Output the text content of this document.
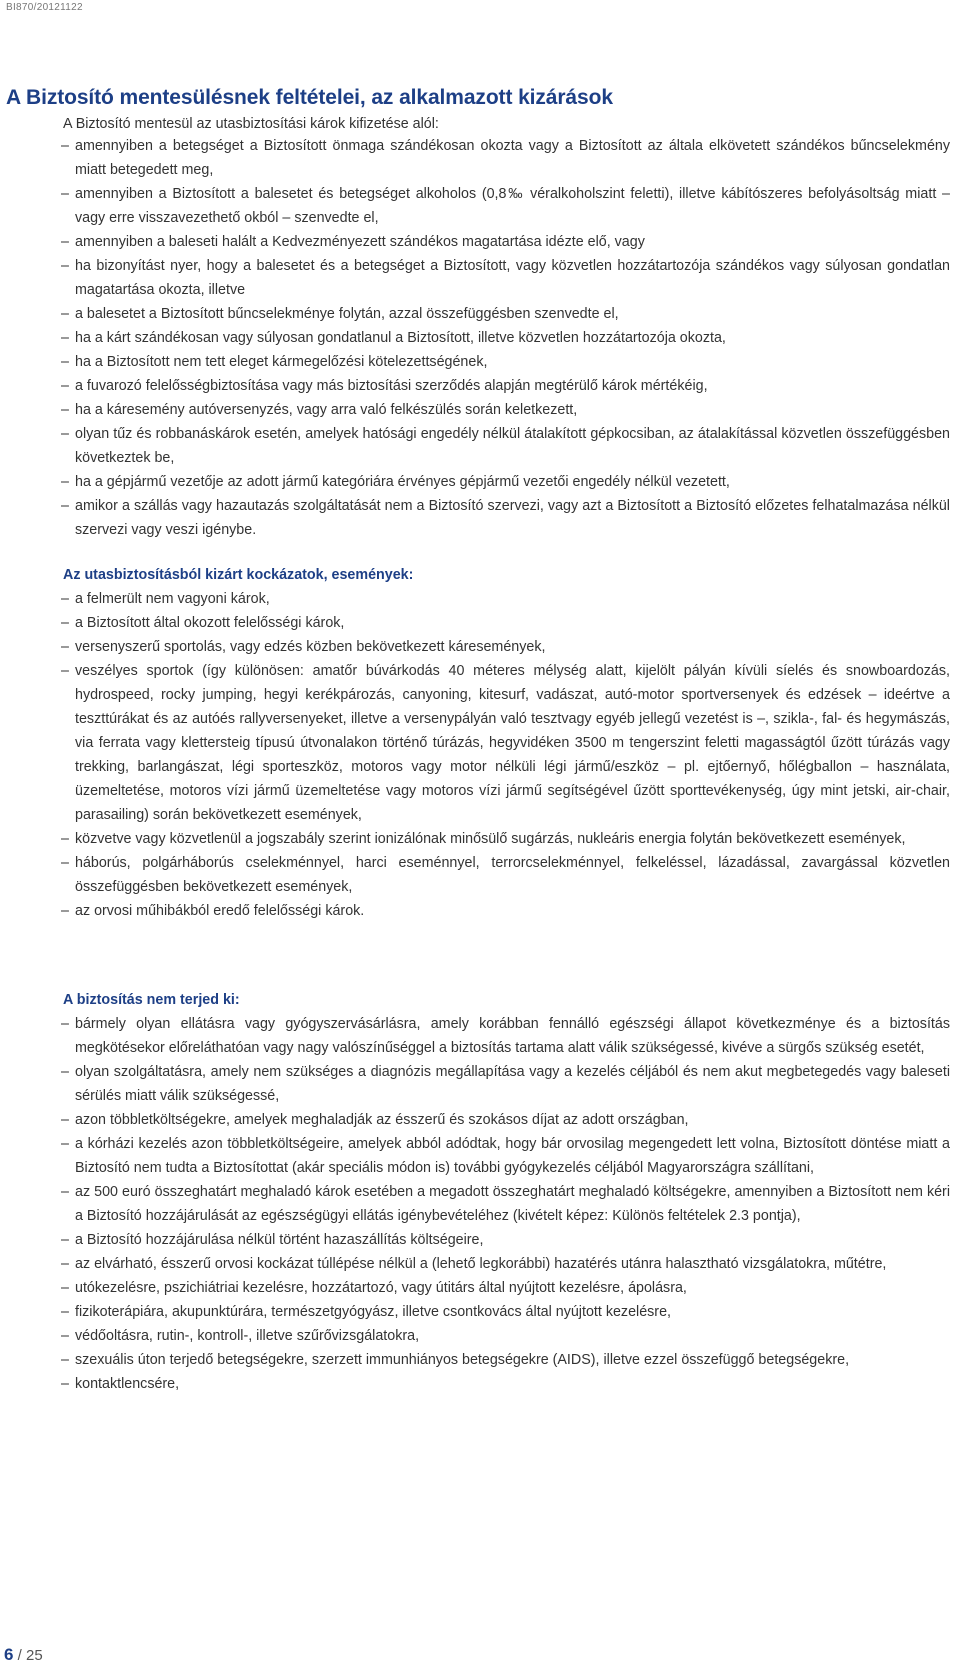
BI870/20121122
A Biztosító mentesülésnek feltételei, az alkalmazott kizárások
A Biztosító mentesül az utasbiztosítási károk kifizetése alól:
– amennyiben a betegséget a Biztosított önmaga szándékosan okozta vagy a Biztosított az általa elkövetett szándékos bűncselekmény miatt betegedett meg,
– amennyiben a Biztosított a balesetet és betegséget alkoholos (0,8‰ véralkoholszint feletti), illetve kábítószeres befolyásoltság miatt – vagy erre visszavezethető okból – szenvedte el,
– amennyiben a baleseti halált a Kedvezményezett szándékos magatartása idézte elő, vagy
– ha bizonyítást nyer, hogy a balesetet és a betegséget a Biztosított, vagy közvetlen hozzátartozója szándékos vagy súlyosan gondatlan magatartása okozta, illetve
– a balesetet a Biztosított bűncselekménye folytán, azzal összefüggésben szenvedte el,
– ha a kárt szándékosan vagy súlyosan gondatlanul a Biztosított, illetve közvetlen hozzátartozója okozta,
– ha a Biztosított nem tett eleget kármegelőzési kötelezettségének,
– a fuvarozó felelősségbiztosítása vagy más biztosítási szerződés alapján megtérülő károk mértékéig,
– ha a káresemény autóversenyzés, vagy arra való felkészülés során keletkezett,
– olyan tűz és robbanáskárok esetén, amelyek hatósági engedély nélkül átalakított gépkocsiban, az átalakítással közvetlen összefüggésben következtek be,
– ha a gépjármű vezetője az adott jármű kategóriára érvényes gépjármű vezetői engedély nélkül vezetett,
– amikor a szállás vagy hazautazás szolgáltatását nem a Biztosító szervezi, vagy azt a Biztosított a Biztosító előzetes felhatalmazása nélkül szervezi vagy veszi igénybe.
Az utasbiztosításból kizárt kockázatok, események:
– a felmerült nem vagyoni károk,
– a Biztosított által okozott felelősségi károk,
– versenyszerű sportolás, vagy edzés közben bekövetkezett káresemények,
– veszélyes sportok (így különösen: amatőr búvárkodás 40 méteres mélység alatt, kijelölt pályán kívüli síelés és snowboardozás, hydrospeed, rocky jumping, hegyi kerékpározás, canyoning, kitesurf, vadászat, autó-motor sportversenyek és edzések – ideértve a teszttúrákat és az autóés rallyversenyeket, illetve a versenypályán való tesztvagy egyéb jellegű vezetést is –, szikla-, fal- és hegymászás, via ferrata vagy klettersteig típusú útvonalakon történő túrázás, hegyvidéken 3500 m tengerszint feletti magasságtól űzött túrázás vagy trekking, barlangászat, légi sporteszköz, motoros vagy motor nélküli légi jármű/eszköz – pl. ejtőernyő, hőlégballon – használata, üzemeltetése, motoros vízi jármű üzemeltetése vagy motoros vízi jármű segítségével űzött sporttevékenység, úgy mint jetski, air-chair, parasailing) során bekövetkezett események,
– közvetve vagy közvetlenül a jogszabály szerint ionizálónak minősülő sugárzás, nukleáris energia folytán bekövetkezett események,
– háborús, polgárháborús cselekménnyel, harci eseménnyel, terrorcselekménnyel, felkeléssel, lázadással, zavargással közvetlen összefüggésben bekövetkezett események,
– az orvosi műhibákból eredő felelősségi károk.
A biztosítás nem terjed ki:
– bármely olyan ellátásra vagy gyógyszervásárlásra, amely korábban fennálló egészségi állapot következménye és a biztosítás megkötésekor előreláthatóan vagy nagy valószínűséggel a biztosítás tartama alatt válik szükségessé, kivéve a sürgős szükség esetét,
– olyan szolgáltatásra, amely nem szükséges a diagnózis megállapítása vagy a kezelés céljából és nem akut megbetegedés vagy baleseti sérülés miatt válik szükségessé,
– azon többletköltségekre, amelyek meghaladják az ésszerű és szokásos díjat az adott országban,
– a kórházi kezelés azon többletköltségeire, amelyek abból adódtak, hogy bár orvosilag megengedett lett volna, Biztosított döntése miatt a Biztosító nem tudta a Biztosítottat (akár speciális módon is) további gyógykezelés céljából Magyarországra szállítani,
– az 500 euró összeghatárt meghaladó károk esetében a megadott összeghatárt meghaladó költségekre, amennyiben a Biztosított nem kéri a Biztosító hozzájárulását az egészségügyi ellátás igénybevételéhez (kivételt képez: Különös feltételek 2.3 pontja),
– a Biztosító hozzájárulása nélkül történt hazaszállítás költségeire,
– az elvárható, ésszerű orvosi kockázat túllépése nélkül a (lehető legkorábbi) hazatérés utánra halasztható vizsgálatokra, műtétre,
– utókezelésre, pszichiátriai kezelésre, hozzátartozó, vagy útitárs által nyújtott kezelésre, ápolásra,
– fizikoterápiára, akupunktúrára, természetgyógyász, illetve csontkovács által nyújtott kezelésre,
– védőoltásra, rutin-, kontroll-, illetve szűrővizsgálatokra,
– szexuális úton terjedő betegségekre, szerzett immunhiányos betegségekre (AIDS), illetve ezzel összefüggő betegségekre,
– kontaktlencsére,
6 / 25
